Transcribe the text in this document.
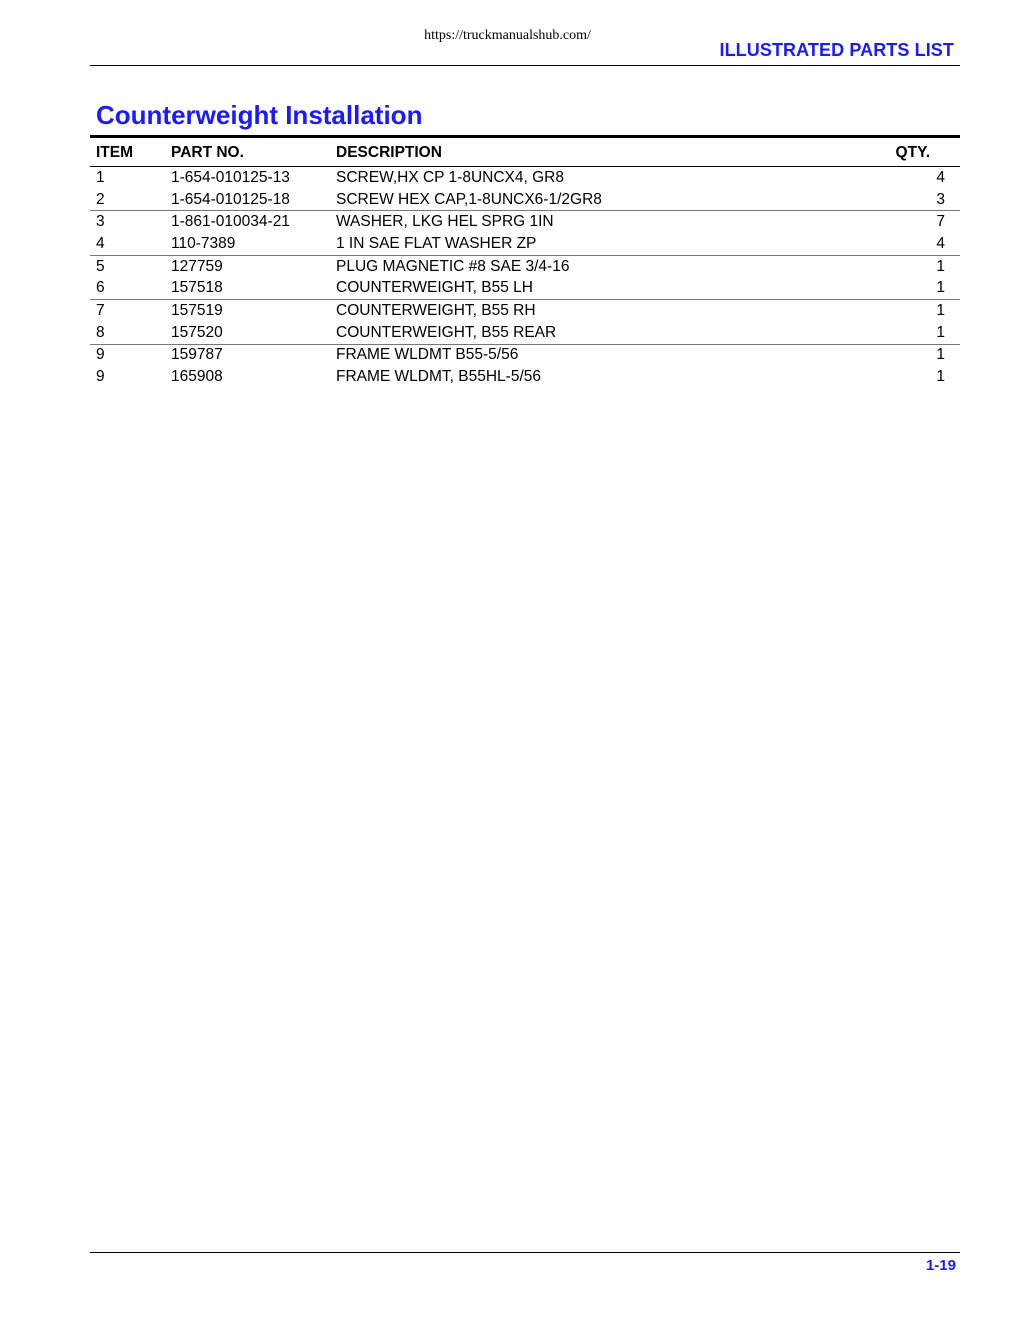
https://truckmanualshub.com/
ILLUSTRATED PARTS LIST
Counterweight Installation
ITEM	PART NO.	DESCRIPTION	QTY.
1	1-654-010125-13	SCREW,HX CP 1-8UNCX4, GR8	4
2	1-654-010125-18	SCREW HEX CAP,1-8UNCX6-1/2GR8	3
3	1-861-010034-21	WASHER, LKG HEL SPRG 1IN	7
4	110-7389	1 IN SAE FLAT WASHER ZP	4
5	127759	PLUG MAGNETIC #8 SAE 3/4-16	1
6	157518	COUNTERWEIGHT, B55 LH	1
7	157519	COUNTERWEIGHT, B55 RH	1
8	157520	COUNTERWEIGHT, B55 REAR	1
9	159787	FRAME WLDMT B55-5/56	1
9	165908	FRAME WLDMT, B55HL-5/56	1
1-19
